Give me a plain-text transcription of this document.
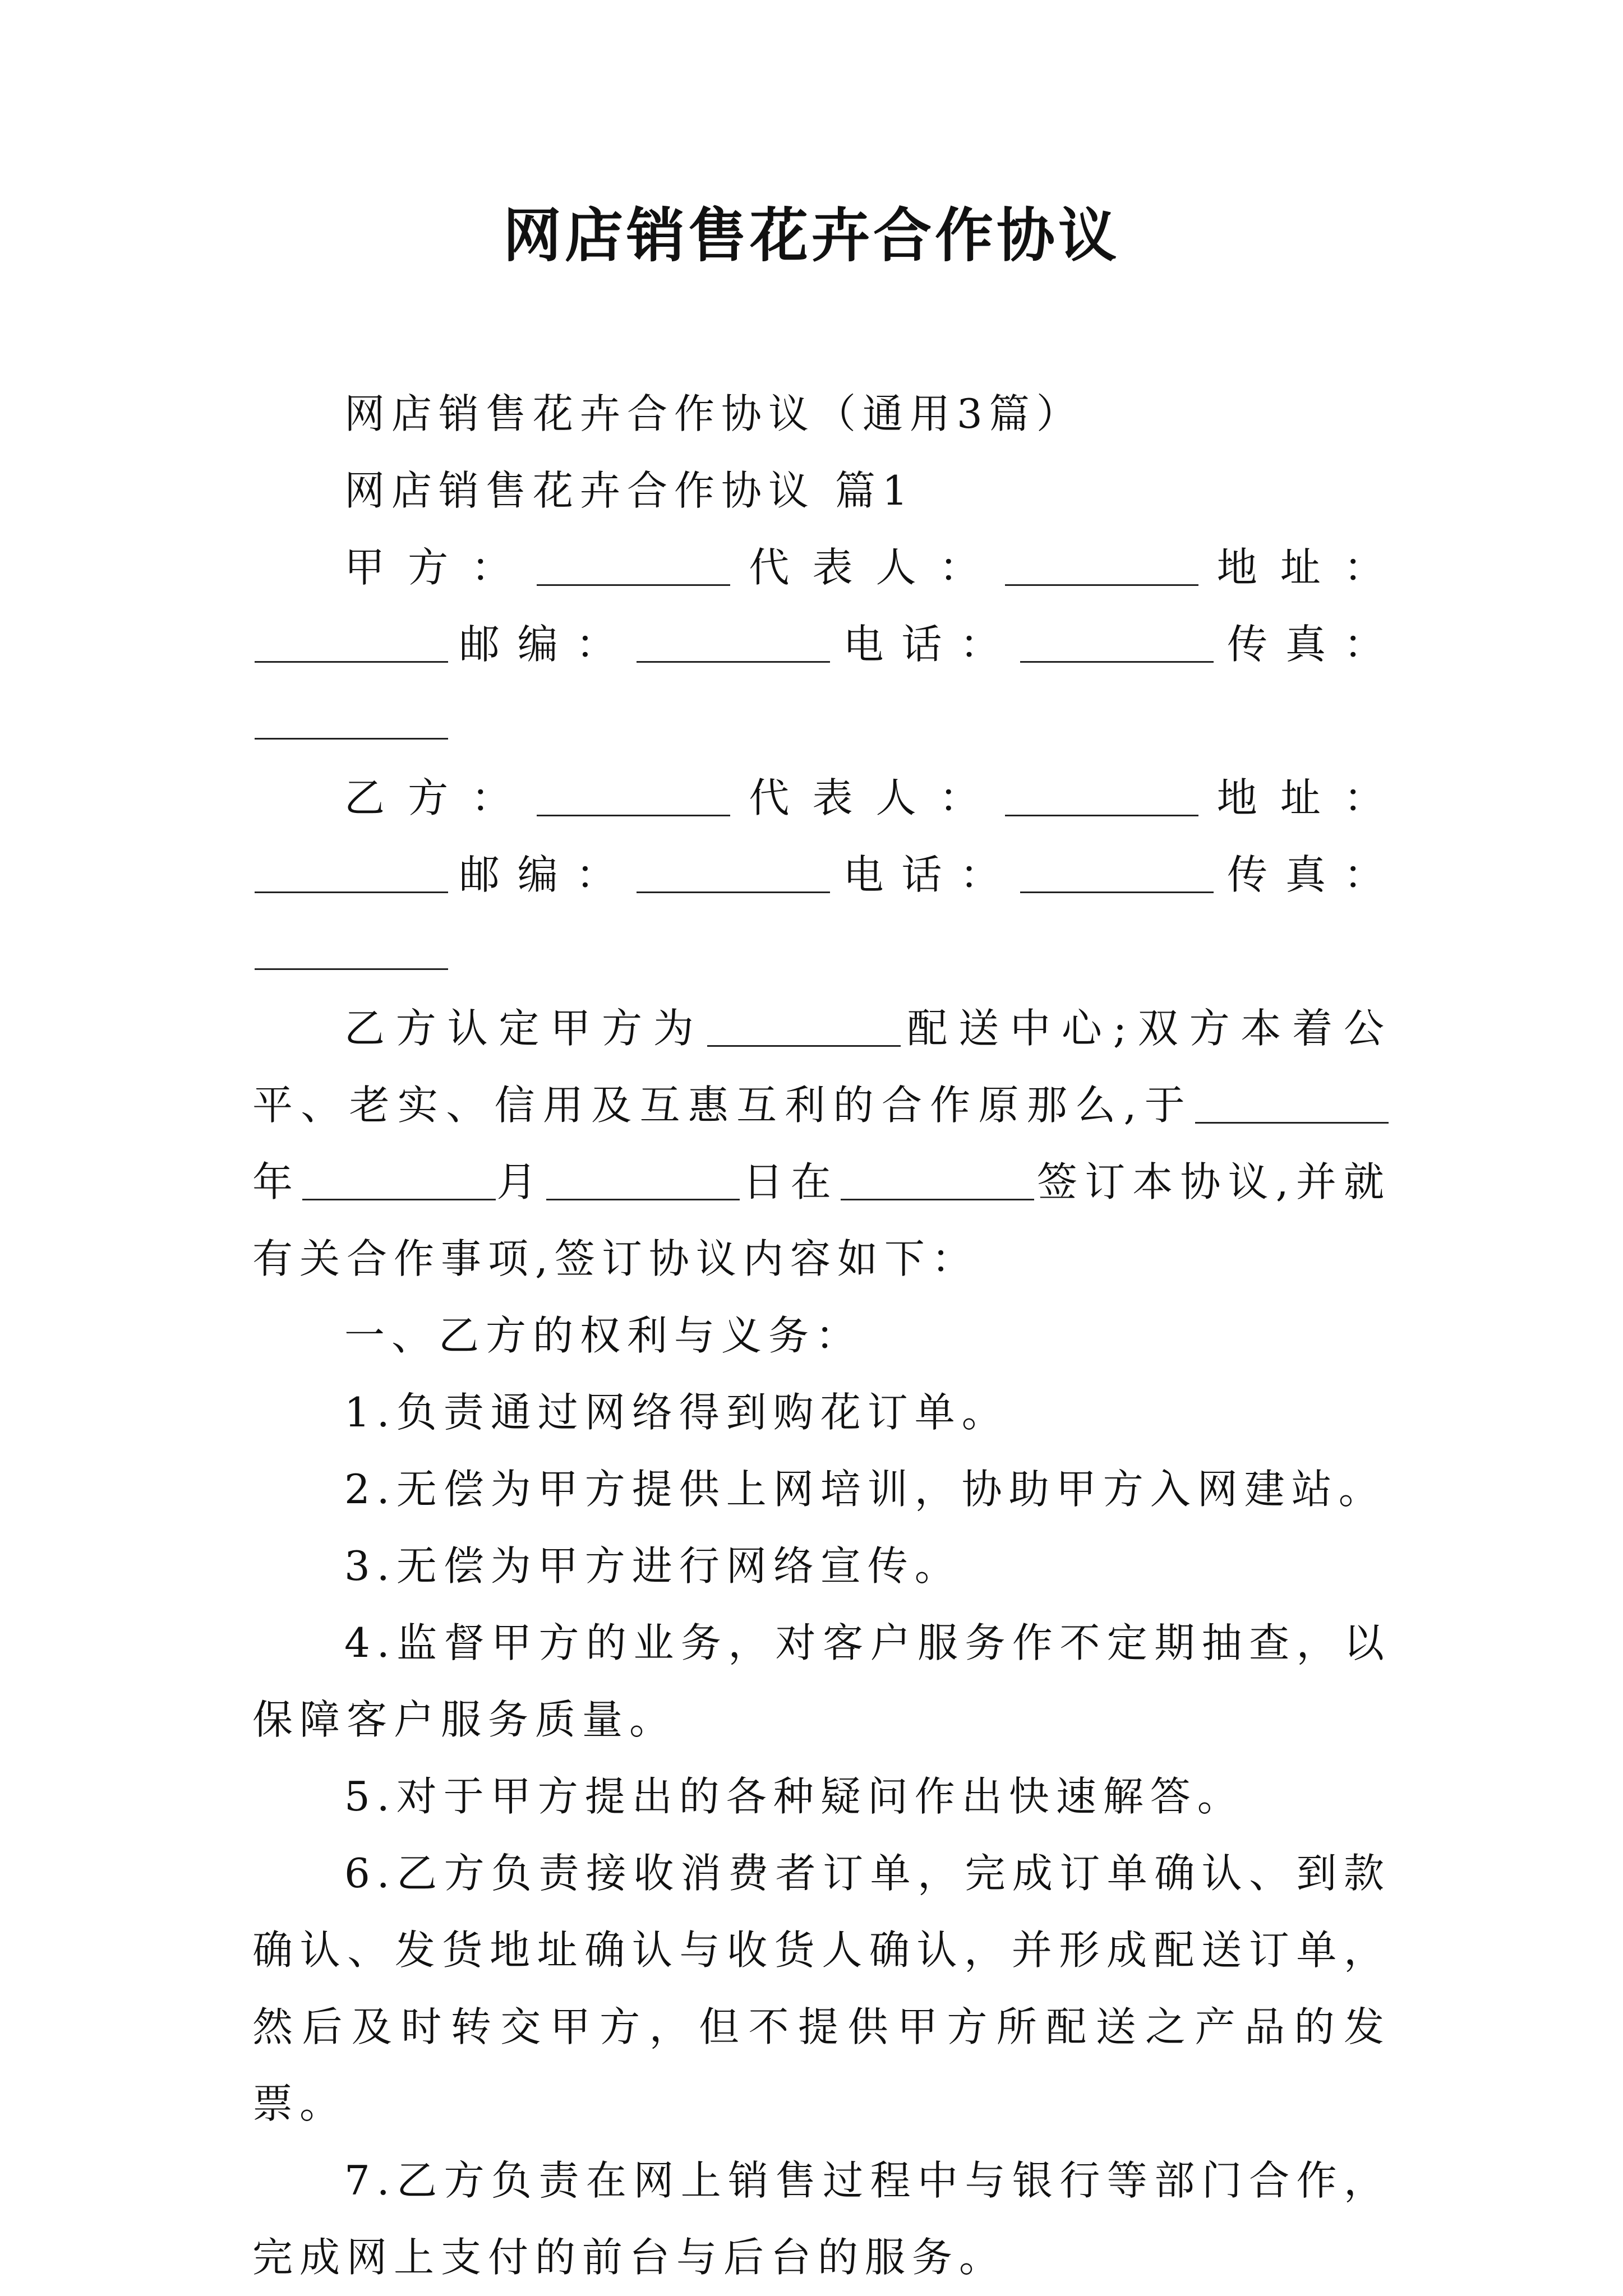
网店销售花卉合作协议

网店销售花卉合作协议（通用3篇）

网店销售花卉合作协议 篇1

甲方：	代表人：	地址：邮编：	电话：	传真：

乙方：	代表人：	地址：邮编：	电话：	传真：

乙方认定甲方为	配送中心;双方本着公平、老实、信用及互惠互利的合作原那么,于年	月	日在	签订本协议,并就有关合作事项,签订协议内容如下：

一、乙方的权利与义务：

1.负责通过网络得到购花订单。

2.无偿为甲方提供上网培训，协助甲方入网建站。

3.无偿为甲方进行网络宣传。

4.监督甲方的业务，对客户服务作不定期抽查，以保障客户服务质量。

5.对于甲方提出的各种疑问作出快速解答。

6.乙方负责接收消费者订单，完成订单确认、到款确认、发货地址确认与收货人确认，并形成配送订单，然后及时转交甲方，但不提供甲方所配送之产品的发票。

7.乙方负责在网上销售过程中与银行等部门合作，完成网上支付的前台与后台的服务。
